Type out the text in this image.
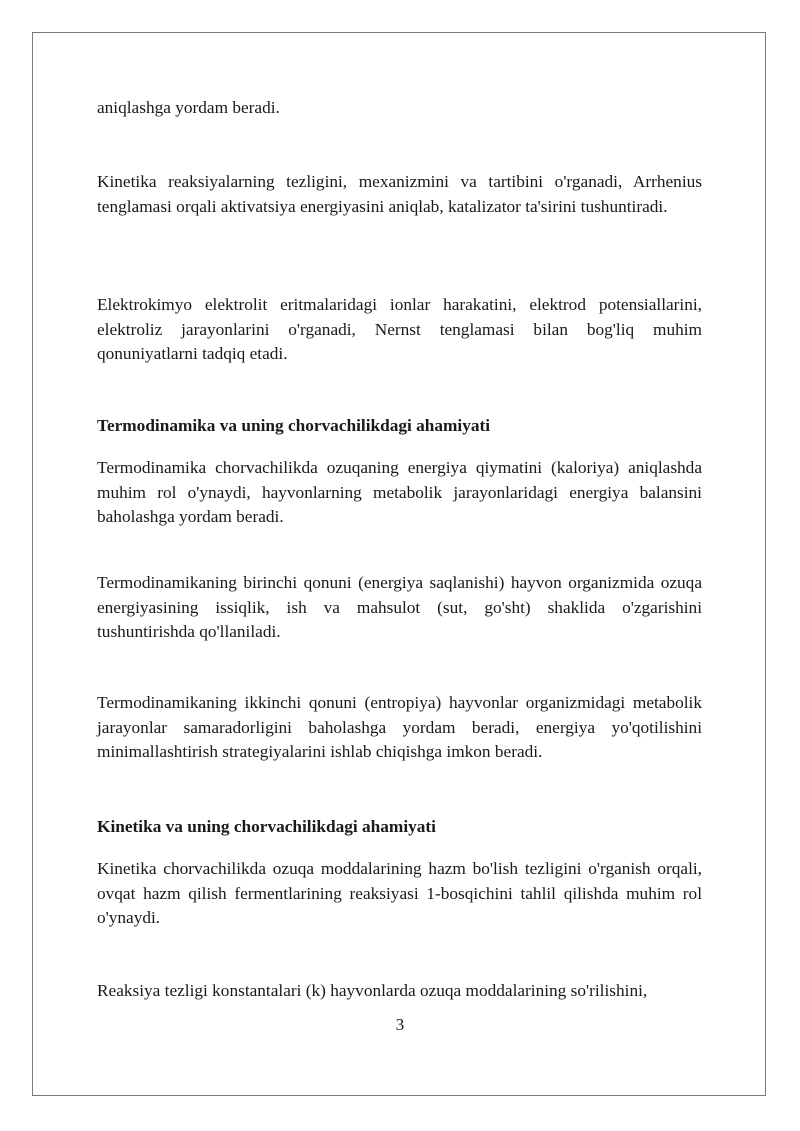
aniqlashga yordam beradi.

Kinetika reaksiyalarning tezligini, mexanizmini va tartibini o'rganadi, Arrhenius tenglamasi orqali aktivatsiya energiyasini aniqlab, katalizator ta'sirini tushuntiradi.

Elektrokimyo elektrolit eritmalaridagi ionlar harakatini, elektrod potensiallarini, elektroliz jarayonlarini o'rganadi, Nernst tenglamasi bilan bog'liq muhim qonuniyatlarni tadqiq etadi.

Termodinamika va uning chorvachilikdagi ahamiyati

Termodinamika chorvachilikda ozuqaning energiya qiymatini (kaloriya) aniqlashda muhim rol o'ynaydi, hayvonlarning metabolik jarayonlaridagi energiya balansini baholashga yordam beradi.

Termodinamikaning birinchi qonuni (energiya saqlanishi) hayvon organizmida ozuqa energiyasining issiqlik, ish va mahsulot (sut, go'sht) shaklida o'zgarishini tushuntirishda qo'llaniladi.

Termodinamikaning ikkinchi qonuni (entropiya) hayvonlar organizmidagi metabolik jarayonlar samaradorligini baholashga yordam beradi, energiya yo'qotilishini minimallashtirish strategiyalarini ishlab chiqishga imkon beradi.

Kinetika va uning chorvachilikdagi ahamiyati

Kinetika chorvachilikda ozuqa moddalarining hazm bo'lish tezligini o'rganish orqali, ovqat hazm qilish fermentlarining reaksiyasi 1-bosqichini tahlil qilishda muhim rol o'ynaydi.

Reaksiya tezligi konstantalari (k) hayvonlarda ozuqa moddalarining so'rilishini,

3
